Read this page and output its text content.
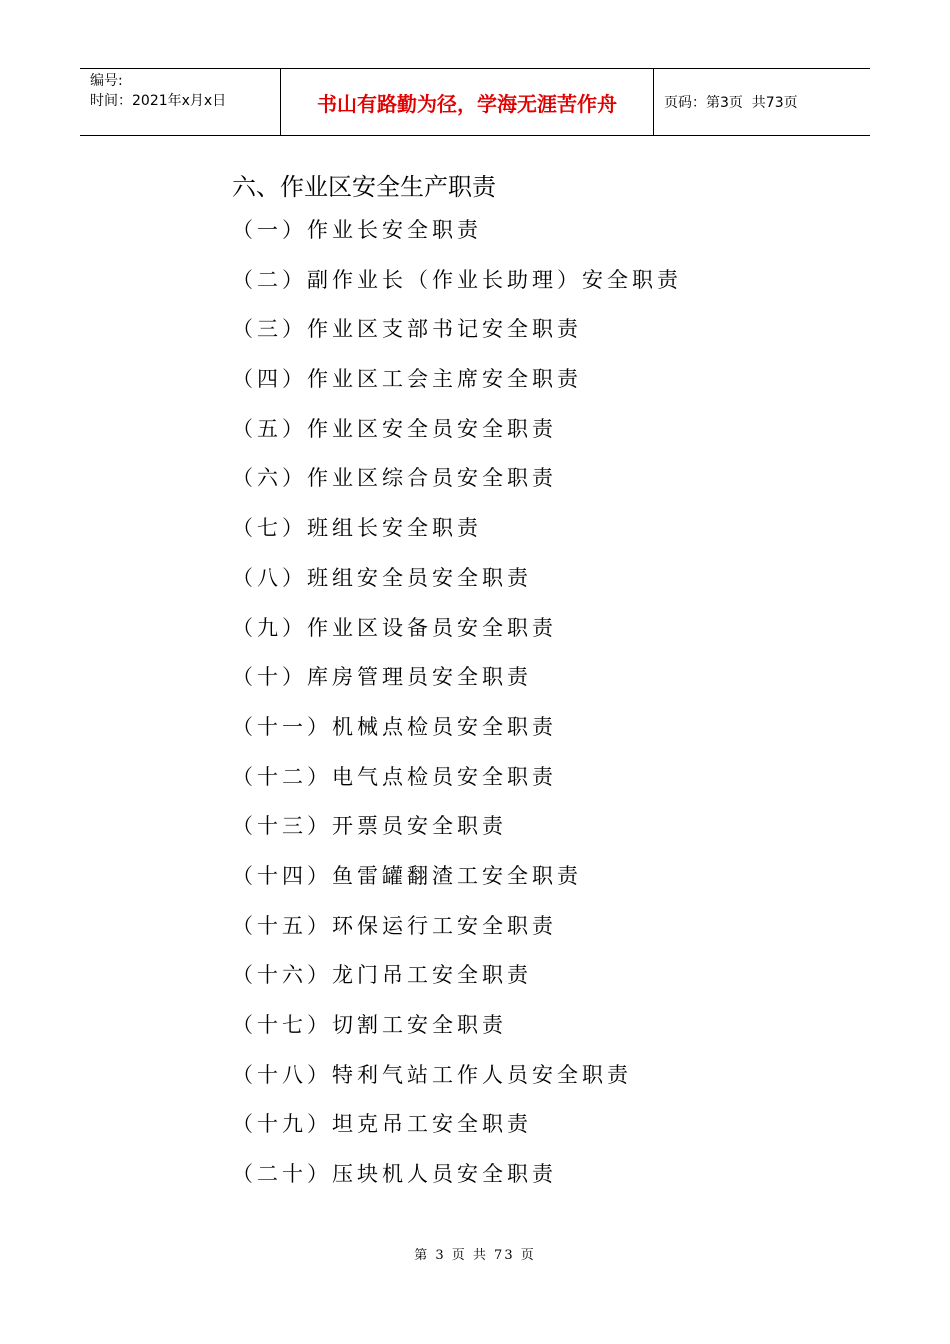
编号:
时间：2021年x月x日	书山有路勤为径，学海无涯苦作舟	页码：第3页  共73页
六、作业区安全生产职责
（一）作业长安全职责
（二）副作业长（作业长助理）安全职责
（三）作业区支部书记安全职责
（四）作业区工会主席安全职责
（五）作业区安全员安全职责
（六）作业区综合员安全职责
（七）班组长安全职责
（八）班组安全员安全职责
（九）作业区设备员安全职责
（十）库房管理员安全职责
（十一）机械点检员安全职责
（十二）电气点检员安全职责
（十三）开票员安全职责
（十四）鱼雷罐翻渣工安全职责
（十五）环保运行工安全职责
（十六）龙门吊工安全职责
（十七）切割工安全职责
（十八）特利气站工作人员安全职责
（十九）坦克吊工安全职责
（二十）压块机人员安全职责
第 3 页 共 73 页
